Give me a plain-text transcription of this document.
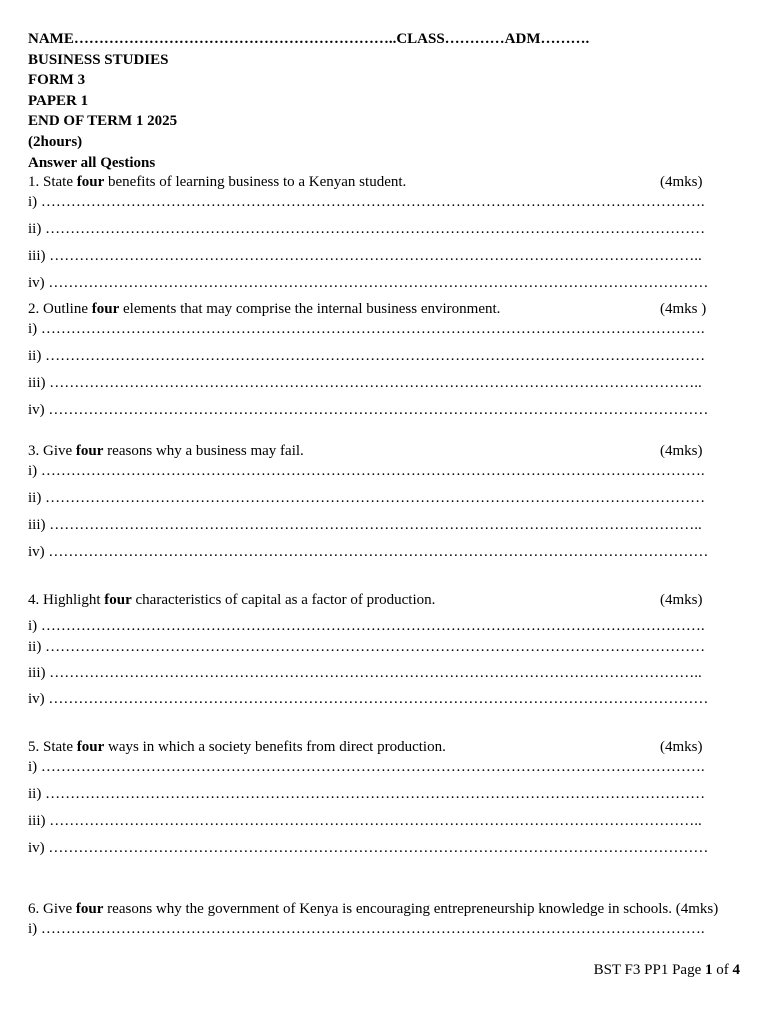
NAME………………………………………………………..CLASS…………ADM……….
BUSINESS STUDIES
FORM 3
PAPER 1
END OF TERM 1 2025
(2hours)
Answer all Qestions
1. State four benefits of learning business to a Kenyan student.	(4mks)
i) …………………………………………………………………………………………………………………….
ii) ……………………………………………………………………………………………………………………
iii) …………………………………………………………………………………………………………………..
iv) ……………………………………………………………………………………………………………………
2. Outline four elements that may comprise the internal business environment.	(4mks )
i) …………………………………………………………………………………………………………………….
ii) ……………………………………………………………………………………………………………………
iii) …………………………………………………………………………………………………………………..
iv) ……………………………………………………………………………………………………………………
3. Give four reasons why a business may fail.	(4mks)
i) …………………………………………………………………………………………………………………….
ii) ……………………………………………………………………………………………………………………
iii) …………………………………………………………………………………………………………………..
iv) ……………………………………………………………………………………………………………………
4. Highlight four characteristics of capital as a factor of production.	(4mks)
i) …………………………………………………………………………………………………………………….
ii) ……………………………………………………………………………………………………………………
iii) …………………………………………………………………………………………………………………..
iv) ……………………………………………………………………………………………………………………
5. State four ways in which a society benefits from direct production.	(4mks)
i) …………………………………………………………………………………………………………………….
ii) ……………………………………………………………………………………………………………………
iii) …………………………………………………………………………………………………………………..
iv) ……………………………………………………………………………………………………………………
6. Give four reasons why the government of Kenya is encouraging entrepreneurship knowledge in schools. (4mks)
i) …………………………………………………………………………………………………………………….
BST F3 PP1 Page 1 of 4
